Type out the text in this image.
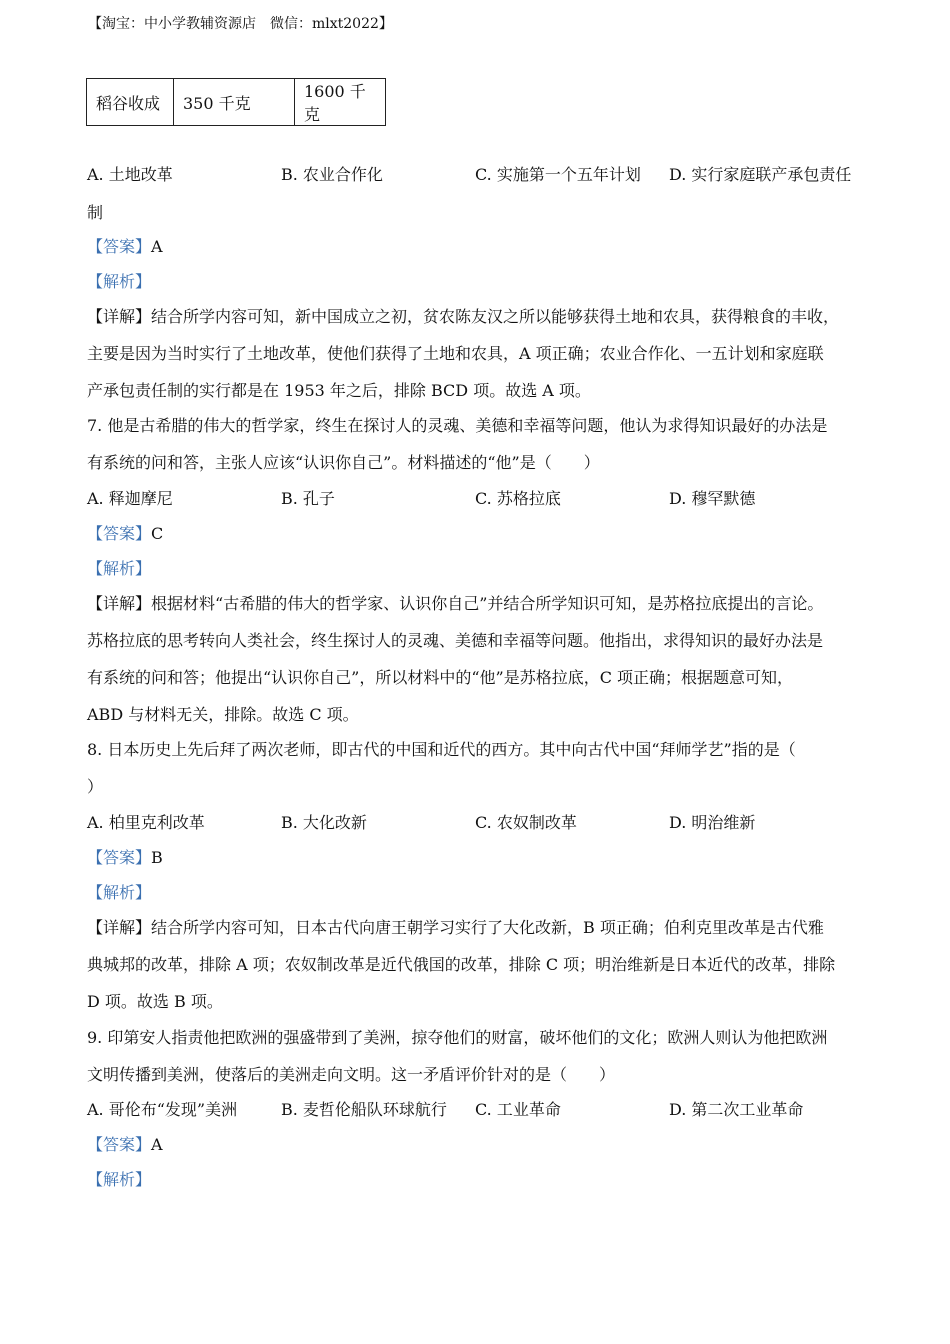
【淘宝：中小学教辅资源店　微信：mlxt2022】
稻谷收成	350 千克	1600 千克
A. 土地改革	B. 农业合作化	C. 实施第一个五年计划 D. 实行家庭联产承包责任
制
【答案】A
【解析】
【详解】结合所学内容可知，新中国成立之初，贫农陈友汉之所以能够获得土地和农具，获得粮食的丰收，
主要是因为当时实行了土地改革，使他们获得了土地和农具，A 项正确；农业合作化、一五计划和家庭联
产承包责任制的实行都是在 1953 年之后，排除 BCD 项。故选 A 项。
7. 他是古希腊的伟大的哲学家，终生在探讨人的灵魂、美德和幸福等问题，他认为求得知识最好的办法是
有系统的问和答，主张人应该“认识你自己”。材料描述的“他”是（　　）
A. 释迦摩尼	B. 孔子	C. 苏格拉底	D. 穆罕默德
【答案】C
【解析】
【详解】根据材料“古希腊的伟大的哲学家、认识你自己”并结合所学知识可知，是苏格拉底提出的言论。
苏格拉底的思考转向人类社会，终生探讨人的灵魂、美德和幸福等问题。他指出，求得知识的最好办法是
有系统的问和答；他提出“认识你自己”，所以材料中的“他”是苏格拉底，C 项正确；根据题意可知，
ABD 与材料无关，排除。故选 C 项。
8. 日本历史上先后拜了两次老师，即古代的中国和近代的西方。其中向古代中国“拜师学艺”指的是（
）
A. 柏里克利改革	B. 大化改新	C. 农奴制改革	D. 明治维新
【答案】B
【解析】
【详解】结合所学内容可知，日本古代向唐王朝学习实行了大化改新，B 项正确；伯利克里改革是古代雅
典城邦的改革，排除 A 项；农奴制改革是近代俄国的改革，排除 C 项；明治维新是日本近代的改革，排除
D 项。故选 B 项。
9. 印第安人指责他把欧洲的强盛带到了美洲，掠夺他们的财富，破坏他们的文化；欧洲人则认为他把欧洲
文明传播到美洲，使落后的美洲走向文明。这一矛盾评价针对的是（　　）
A. 哥伦布“发现”美洲	B. 麦哲伦船队环球航行 C. 工业革命	D. 第二次工业革命
【答案】A
【解析】
